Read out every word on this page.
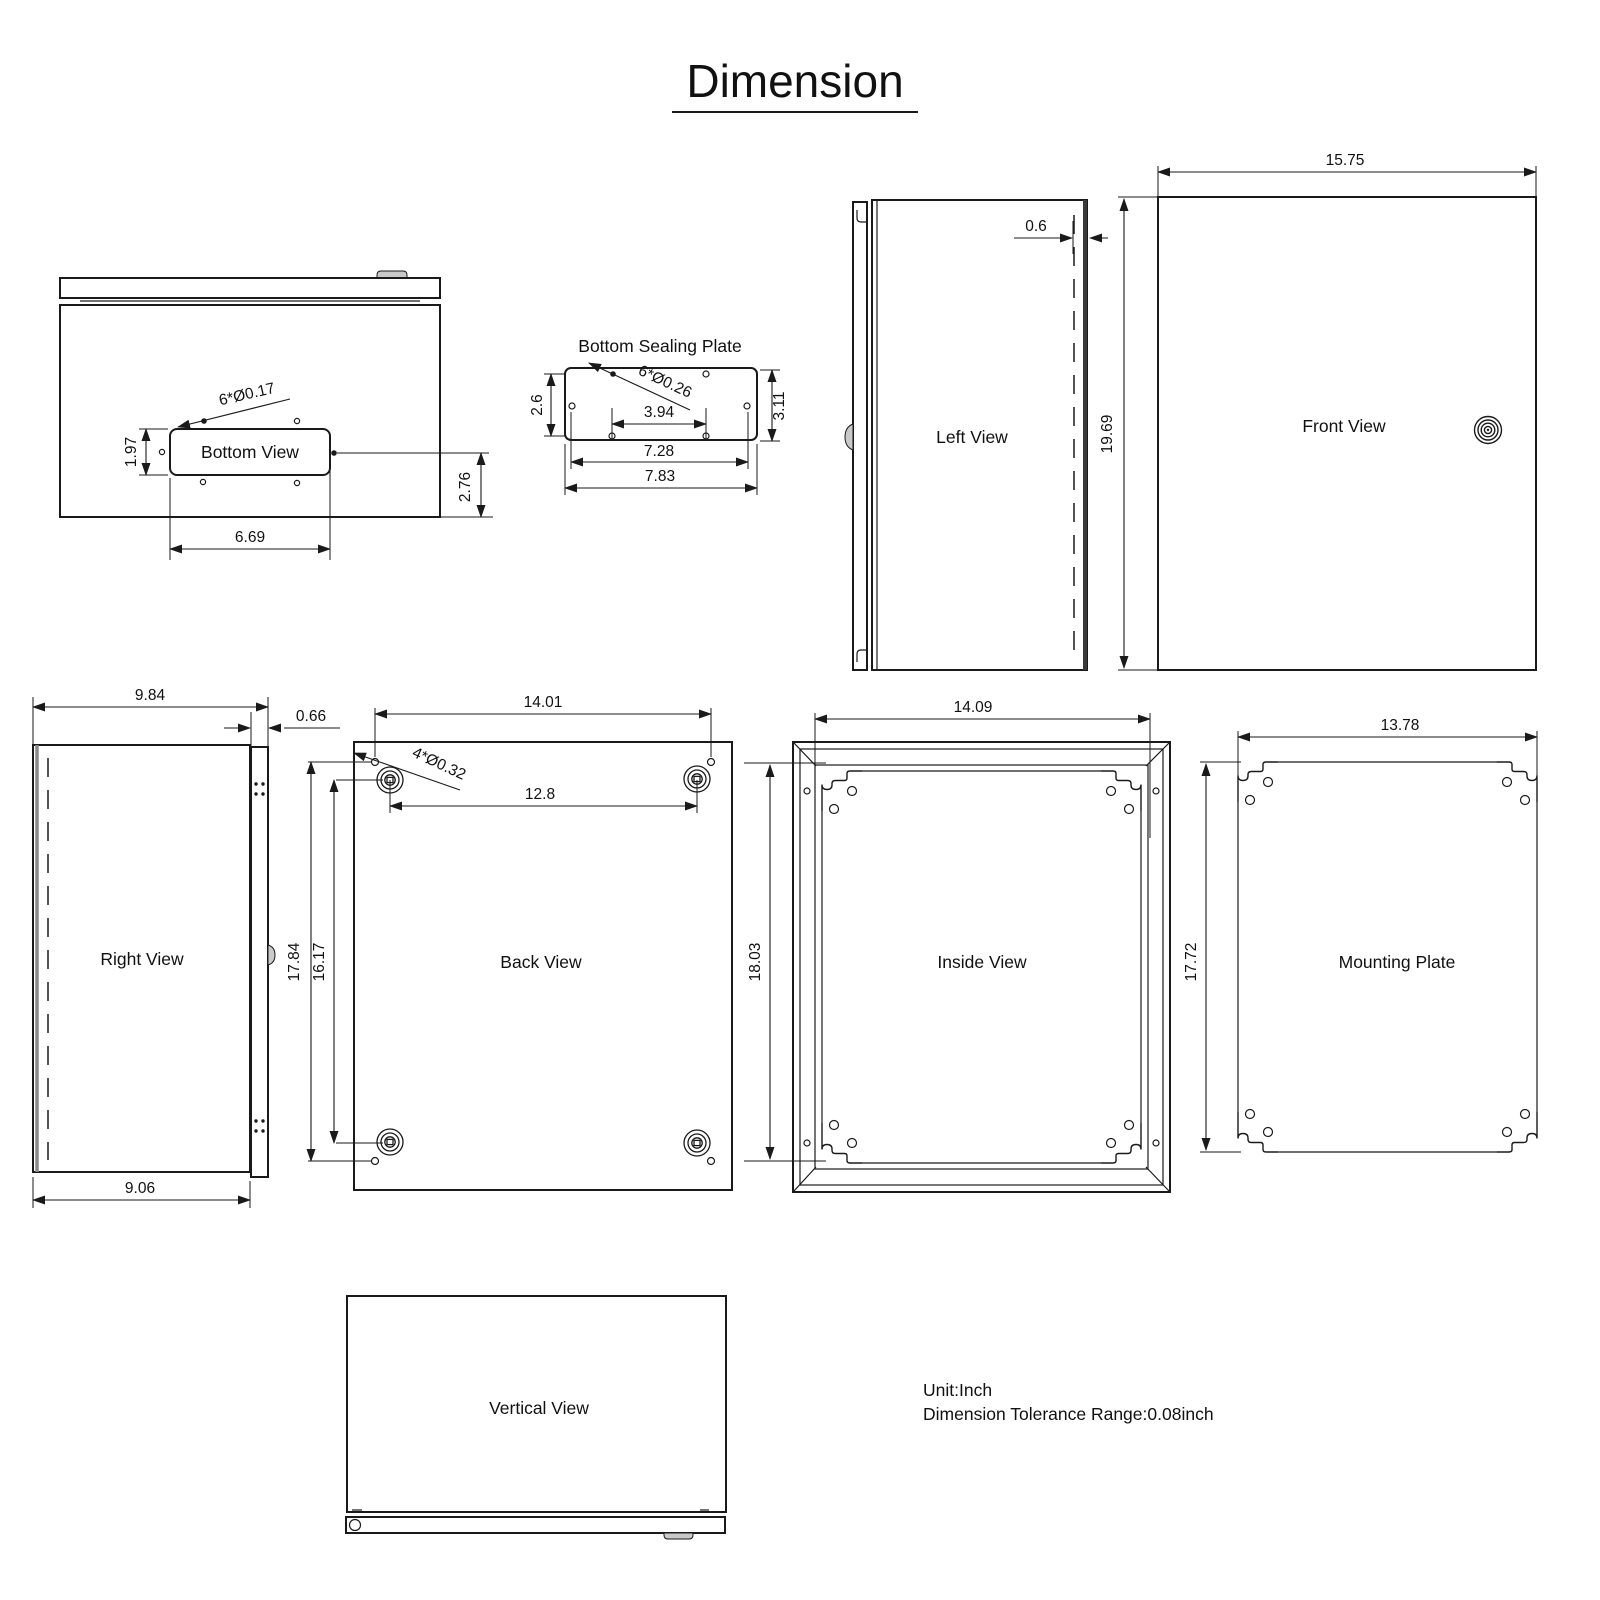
Dimension
6*Ø0.17
Bottom View
1.97
6.69
2.76
Bottom Sealing Plate
6*Ø0.26
2.6	3.11
3.94
7.28
7.83
Left View
0.6
19.69	Front View
15.75
Right View
9.84
0.66
9.06
4*Ø0.32
14.01
12.8
17.84 16.17	Back View
14.09
18.03	Inside View
13.78
17.72	Mounting Plate
Vertical View
Unit:Inch
Dimension Tolerance Range:0.08inch
